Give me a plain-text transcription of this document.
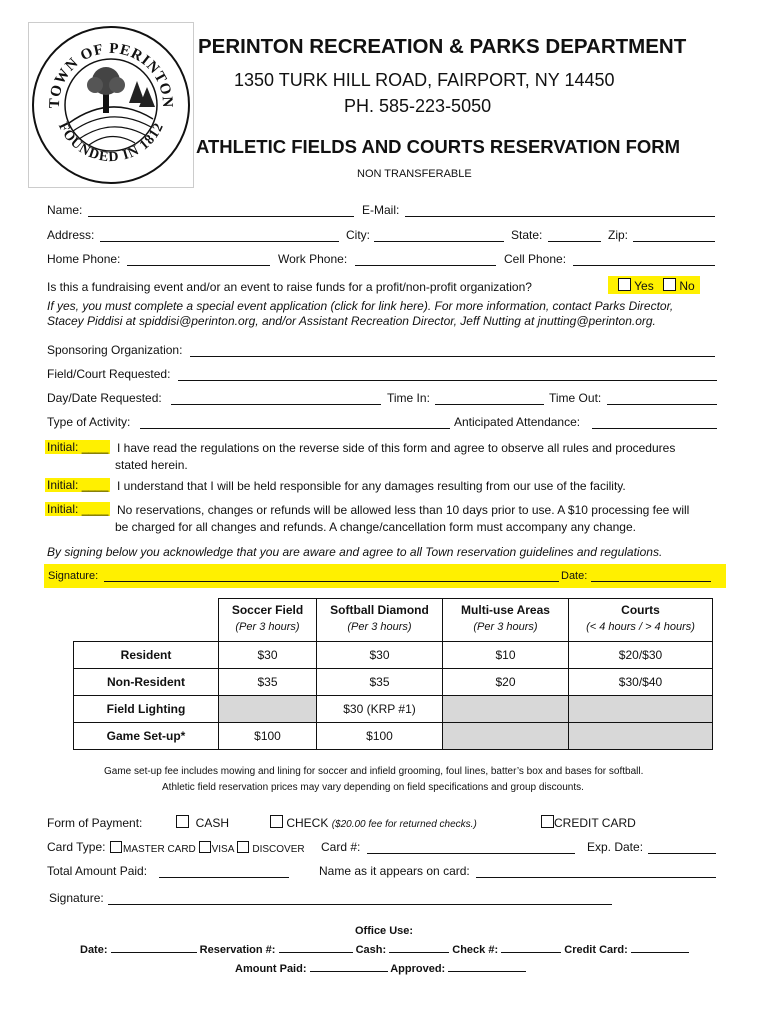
TOWN OF PERINTON
FOUNDED IN 1812
PERINTON RECREATION & PARKS DEPARTMENT
1350 TURK HILL ROAD, FAIRPORT, NY 14450
PH. 585-223-5050
ATHLETIC FIELDS AND COURTS RESERVATION FORM
NON TRANSFERABLE
Name:	E-Mail:
Address:	City:	State:	Zip:
Home Phone:	Work Phone:	Cell Phone:
Is this a fundraising event and/or an event to raise funds for a profit/non-profit organization?	Yes	No
If yes, you must complete a special event application (click for link here). For more information, contact Parks Director,
Stacey Piddisi at spiddisi@perinton.org, and/or Assistant Recreation Director, Jeff Nutting at jnutting@perinton.org.
Sponsoring Organization:
Field/Court Requested:
Day/Date Requested:	Time In:	Time Out:
Type of Activity:	Anticipated Attendance:
Initial: ____ I have read the regulations on the reverse side of this form and agree to observe all rules and procedures
stated herein.
Initial: ____ I understand that I will be held responsible for any damages resulting from our use of the facility.
Initial: ____ No reservations, changes or refunds will be allowed less than 10 days prior to use. A $10 processing fee will
be charged for all changes and refunds. A change/cancellation form must accompany any change.
By signing below you acknowledge that you are aware and agree to all Town reservation guidelines and regulations.
Signature:	Date:
	Soccer Field	Softball Diamond	Multi-use Areas	Courts
	(Per 3 hours)	(Per 3 hours)	(Per 3 hours)	(< 4 hours / > 4 hours)
Resident	$30	$30	$10	$20/$30
Non-Resident	$35	$35	$20	$30/$40
Field Lighting		$30 (KRP #1)		
Game Set-up*	$100	$100		
Game set-up fee includes mowing and lining for soccer and infield grooming, foul lines, batter’s box and bases for softball.
Athletic field reservation prices may vary depending on field specifications and group discounts.
Form of Payment:	CASH	CHECK ($20.00 fee for returned checks.)	CREDIT CARD
Card Type:	MASTER CARD VISA DISCOVER Card #:	Exp. Date:
Total Amount Paid:	Name as it appears on card:
Signature:
Office Use:
Date:	Reservation #:	Cash:	Check #:	Credit Card:
Amount Paid:	Approved:
